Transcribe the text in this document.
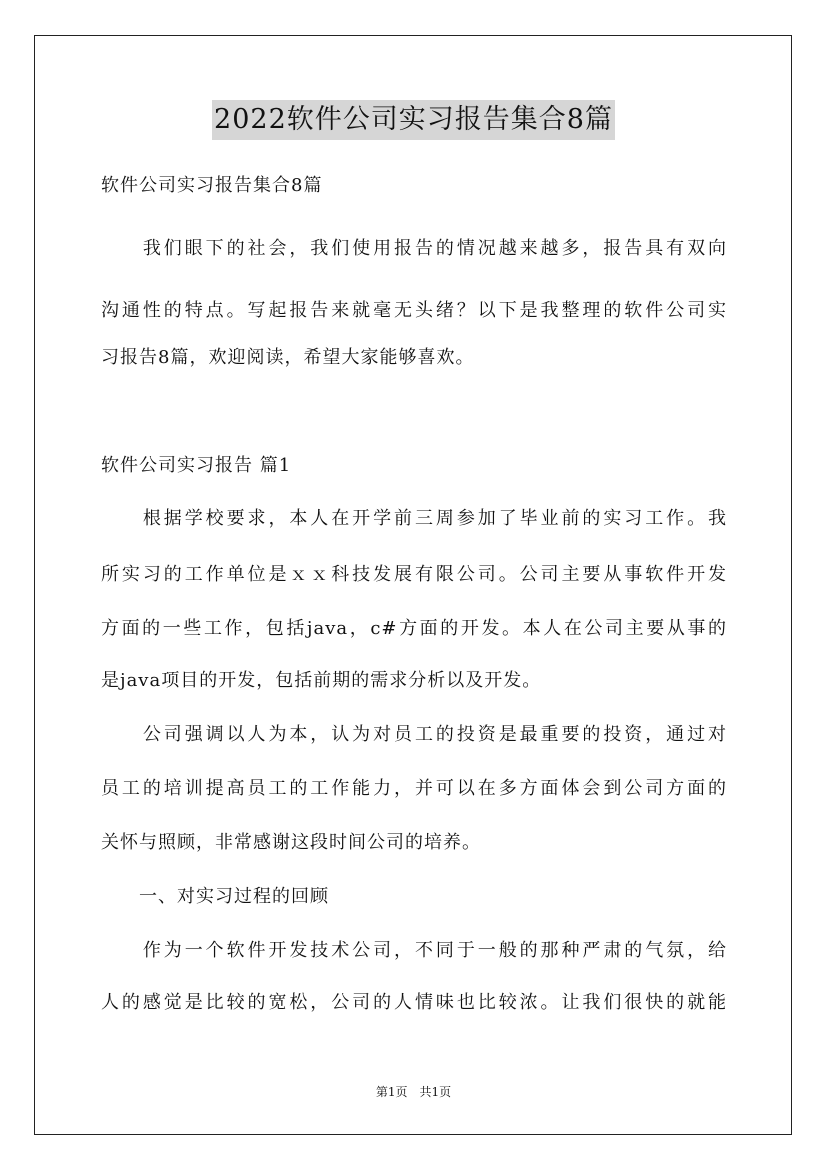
2022软件公司实习报告集合8篇
软件公司实习报告集合8篇
　　我们眼下的社会，我们使用报告的情况越来越多，报告具有双向
沟通性的特点。写起报告来就毫无头绪？以下是我整理的软件公司实
习报告8篇，欢迎阅读，希望大家能够喜欢。
软件公司实习报告 篇1
　　根据学校要求，本人在开学前三周参加了毕业前的实习工作。我
所实习的工作单位是ｘｘ科技发展有限公司。公司主要从事软件开发
方面的一些工作，包括java，c#方面的开发。本人在公司主要从事的
是java项目的开发，包括前期的需求分析以及开发。
　　公司强调以人为本，认为对员工的投资是最重要的投资，通过对
员工的培训提高员工的工作能力，并可以在多方面体会到公司方面的
关怀与照顾，非常感谢这段时间公司的培养。
　　一、对实习过程的回顾
　　作为一个软件开发技术公司，不同于一般的那种严肃的气氛，给
人的感觉是比较的宽松，公司的人情味也比较浓。让我们很快的就能
第1页　共1页
